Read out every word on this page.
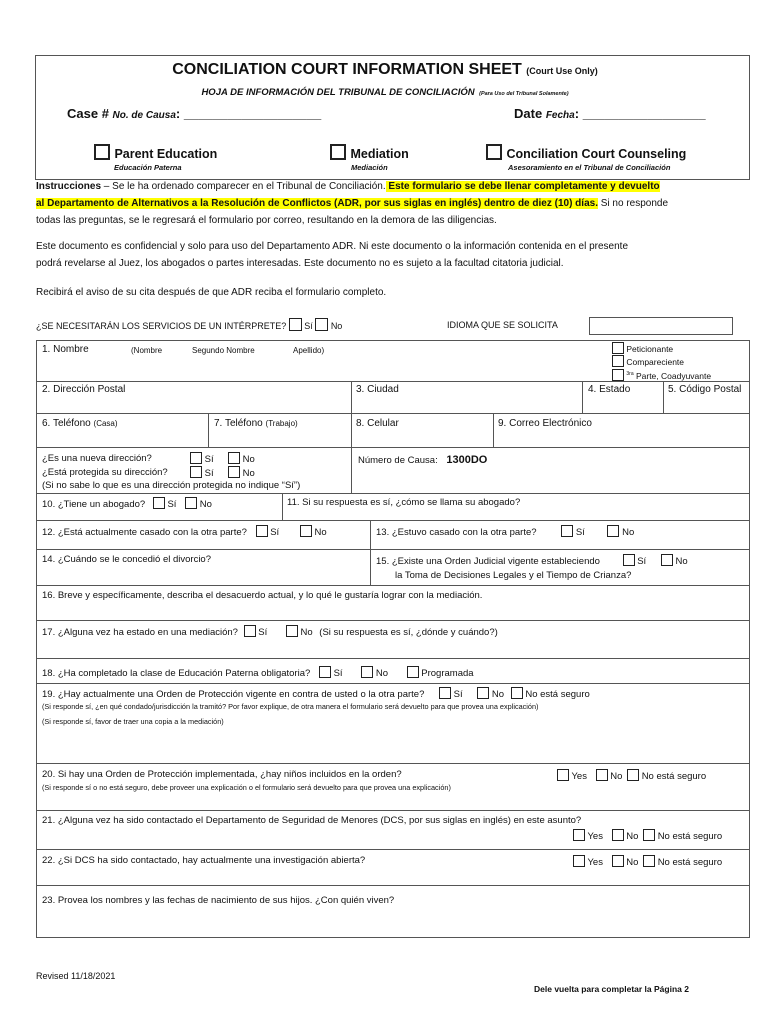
CONCILIATION COURT INFORMATION SHEET (Court Use Only)
HOJA DE INFORMACIÓN DEL TRIBUNAL DE CONCILIACIÓN (Para Uso del Tribunal Solamente)
Case # No. de Causa: ___________________	Date Fecha: _________________
Parent Education
Educación Paterna
Mediation
Mediación
Conciliation Court Counseling
Asesoramiento en el Tribunal de Conciliación
Instrucciones – Se le ha ordenado comparecer en el Tribunal de Conciliación. Este formulario se debe llenar completamente y devuelto
al Departamento de Alternativos a la Resolución de Conflictos (ADR, por sus siglas en inglés) dentro de diez (10) días. Si no responde
todas las preguntas, se le regresará el formulario por correo, resultando en la demora de las diligencias.
Este documento es confidencial y solo para uso del Departamento ADR. Ni este documento o la información contenida en el presente
podrá revelarse al Juez, los abogados o partes interesadas. Este documento no es sujeto a la facultad citatoria judicial.
Recibirá el aviso de su cita después de que ADR reciba el formulario completo.
¿SE NECESITARÁN LOS SERVICIOS DE UN INTÉRPRETE? Sí No	IDIOMA QUE SE SOLICITA
1. Nombre	(Nombre	Segundo Nombre	Apellido)	Peticionante
Compareciente
$^{3ra}$ Parte, Coadyuvante
2. Dirección Postal	3. Ciudad	4. Estado	5. Código Postal
6. Teléfono (Casa)	7. Teléfono (Trabajo)	8. Celular	9. Correo Electrónico
¿Es una nueva dirección?	Sí	No
¿Está protegida su dirección?	Sí	No
(Si no sabe lo que es una dirección protegida no indique “Sí”)
Número de Causa: 1300DO
10. ¿Tiene un abogado? Sí No	11. Si su respuesta es sí, ¿cómo se llama su abogado?
12. ¿Está actualmente casado con la otra parte? Sí	No	13. ¿Estuvo casado con la otra parte?	Sí	No
14. ¿Cuándo se le concedió el divorcio?	15. ¿Existe una Orden Judicial vigente estableciendo	Sí	No
la Toma de Decisiones Legales y el Tiempo de Crianza?
16. Breve y específicamente, describa el desacuerdo actual, y lo qué le gustaría lograr con la mediación.
17. ¿Alguna vez ha estado en una mediación? Sí	No (Si su respuesta es sí, ¿dónde y cuándo?)
18. ¿Ha completado la clase de Educación Paterna obligatoria? Sí	No	Programada
19. ¿Hay actualmente una Orden de Protección vigente en contra de usted o la otra parte?	Sí	No No está seguro
(Si responde sí, ¿en qué condado/jurisdicción la tramitó? Por favor explique, de otra manera el formulario será devuelto para que provea una explicación)
(Si responde sí, favor de traer una copia a la mediación)
20. Si hay una Orden de Protección implementada, ¿hay niños incluidos en la orden?	Yes No No está seguro
(Si responde sí o no está seguro, debe proveer una explicación o el formulario será devuelto para que provea una explicación)
21. ¿Alguna vez ha sido contactado el Departamento de Seguridad de Menores (DCS, por sus siglas en inglés) en este asunto?
Yes No No está seguro
22. ¿Si DCS ha sido contactado, hay actualmente una investigación abierta?	Yes No No está seguro
23. Provea los nombres y las fechas de nacimiento de sus hijos. ¿Con quién viven?
Revised 11/18/2021
Dele vuelta para completar la Página 2
